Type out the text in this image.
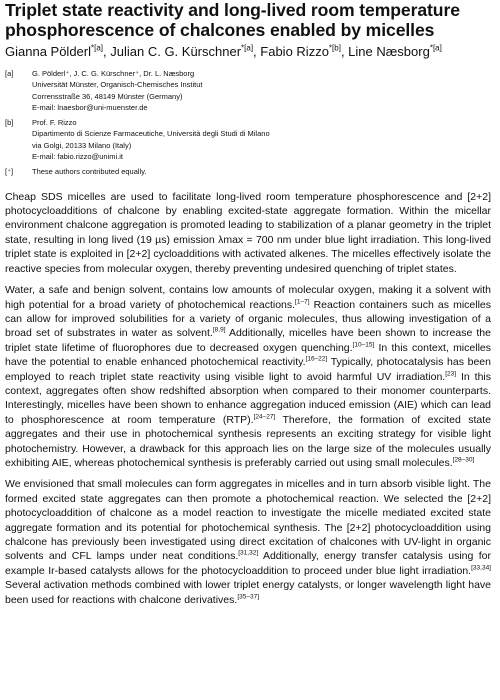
Triplet state reactivity and long-lived room temperature phosphorescence of chalcones enabled by micelles
Gianna Pölderl$^{*[a]}$, Julian C. G. Kürschner$^{*[a]}$, Fabio Rizzo$^{*[b]}$, Line Næsborg$^{*[a]}$
[a]	G. Pölderl⁺, J. C. G. Kürschner⁺, Dr. L. Næsborg
Universität Münster, Organisch-Chemisches Institut
Corrensstraße 36, 48149 Münster (Germany)
E-mail: lnaesbor@uni-muenster.de
[b]	Prof. F. Rizzo
Dipartimento di Scienze Farmaceutiche, Università degli Studi di Milano
via Golgi, 20133 Milano (Italy)
E-mail: fabio.rizzo@unimi.it
[⁺]	These authors contributed equally.

Cheap SDS micelles are used to facilitate long-lived room temperature phosphorescence and [2+2] photocycloadditions of chalcone by enabling excited-state aggregate formation. Within the micellar environment chalcone aggregation is promoted leading to stabilization of a planar geometry in the triplet state, resulting in long lived (19 µs) emission λmax = 700 nm under blue light irradiation. This long-lived triplet state is exploited in [2+2] cycloadditions with activated alkenes. The micelles effectively isolate the reactive species from molecular oxygen, thereby preventing undesired quenching of triplet states.

Water, a safe and benign solvent, contains low amounts of molecular oxygen, making it a solvent with high potential for a broad variety of photochemical reactions.[1–7] Reaction containers such as micelles can allow for improved solubilities for a variety of organic molecules, thus allowing investigation of a broad set of substrates in water as solvent.[8,9] Additionally, micelles have been shown to increase the triplet state lifetime of fluorophores due to decreased oxygen quenching.[10–15] In this context, micelles have the potential to enable enhanced photochemical reactivity.[16–22] Typically, photocatalysis has been employed to reach triplet state reactivity using visible light to avoid harmful UV irradiation.[23] In this context, aggregates often show redshifted absorption when compared to their monomer counterparts. Interestingly, micelles have been shown to enhance aggregation induced emission (AIE) which can lead to phosphorescence at room temperature (RTP).[24–27] Therefore, the formation of excited state aggregates and their use in photochemical synthesis represents an exciting strategy for visible light photochemistry. However, a drawback for this approach lies on the large size of the molecules usually exhibiting AIE, whereas photochemical synthesis is preferably carried out using small molecules.[28–30]

We envisioned that small molecules can form aggregates in micelles and in turn absorb visible light. The formed excited state aggregates can then promote a photochemical reaction. We selected the [2+2] photocycloaddition of chalcone as a model reaction to investigate the micelle mediated excited state aggregate formation and its potential for photochemical synthesis. The [2+2] photocycloaddition using chalcone has previously been investigated using direct excitation of chalcones with UV-light in organic solvents and CFL lamps under neat conditions.[31,32] Additionally, energy transfer catalysis using for example Ir-based catalysts allows for the photocycloaddition to proceed under blue light irradiation.[33,34] Several activation methods combined with lower triplet energy catalysts, or longer wavelength light have been used for reactions with chalcone derivatives.[35–37]
